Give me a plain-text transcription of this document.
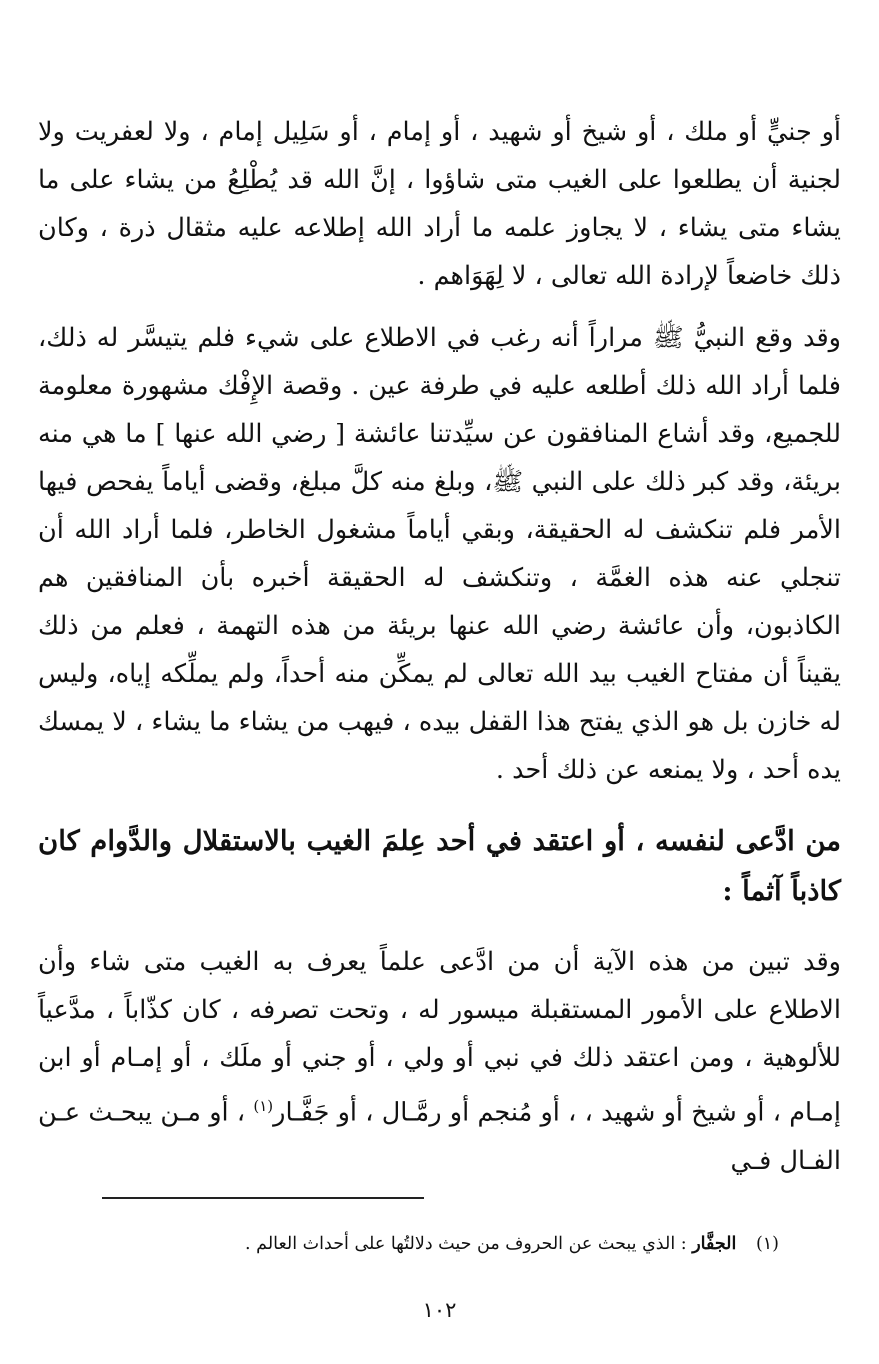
أو جنيٍّ أو ملك ، أو شيخ أو شهيد ، أو إمام ، أو سَلِيل إمام ، ولا لعفريت ولا لجنية أن يطلعوا على الغيب متى شاؤوا ، إنَّ الله قد يُطْلِعُ من يشاء على ما يشاء متى يشاء ، لا يجاوز علمه ما أراد الله إطلاعه عليه مثقال ذرة ، وكان ذلك خاضعاً لإرادة الله تعالى ، لا لِهَوَاهم .

وقد وقع النبيُّ ﷺ مراراً أنه رغب في الاطلاع على شيء فلم يتيسَّر له ذلك، فلما أراد الله ذلك أطلعه عليه في طرفة عين . وقصة الإِفْك مشهورة معلومة للجميع، وقد أشاع المنافقون عن سيِّدتنا عائشة [ رضي الله عنها ] ما هي منه بريئة، وقد كبر ذلك على النبي ﷺ، وبلغ منه كلَّ مبلغ، وقضى أياماً يفحص فيها الأمر فلم تنكشف له الحقيقة، وبقي أياماً مشغول الخاطر، فلما أراد الله أن تنجلي عنه هذه الغمَّة ، وتنكشف له الحقيقة أخبره بأن المنافقين هم الكاذبون، وأن عائشة رضي الله عنها بريئة من هذه التهمة ، فعلم من ذلك يقيناً أن مفتاح الغيب بيد الله تعالى لم يمكِّن منه أحداً، ولم يملِّكه إياه، وليس له خازن بل هو الذي يفتح هذا القفل بيده ، فيهب من يشاء ما يشاء ، لا يمسك يده أحد ، ولا يمنعه عن ذلك أحد .

من ادَّعى لنفسه ، أو اعتقد في أحد عِلمَ الغيب بالاستقلال والدَّوام كان كاذباً آثماً :

وقد تبين من هذه الآية أن من ادَّعى علماً يعرف به الغيب متى شاء وأن الاطلاع على الأمور المستقبلة ميسور له ، وتحت تصرفه ، كان كذّاباً ، مدَّعياً للألوهية ، ومن اعتقد ذلك في نبي أو ولي ، أو جني أو ملَك ، أو إمـام أو ابن إمـام ، أو شيخ أو شهيد ، ، أو مُنجم أو رمَّـال ، أو جَفَّـار$^{(١)}$ ، أو مـن يبحـث عـن الفـال فـي

(١) الجفَّار : الذي يبحث عن الحروف من حيث دلالتُها على أحداث العالم .
١٠٢
